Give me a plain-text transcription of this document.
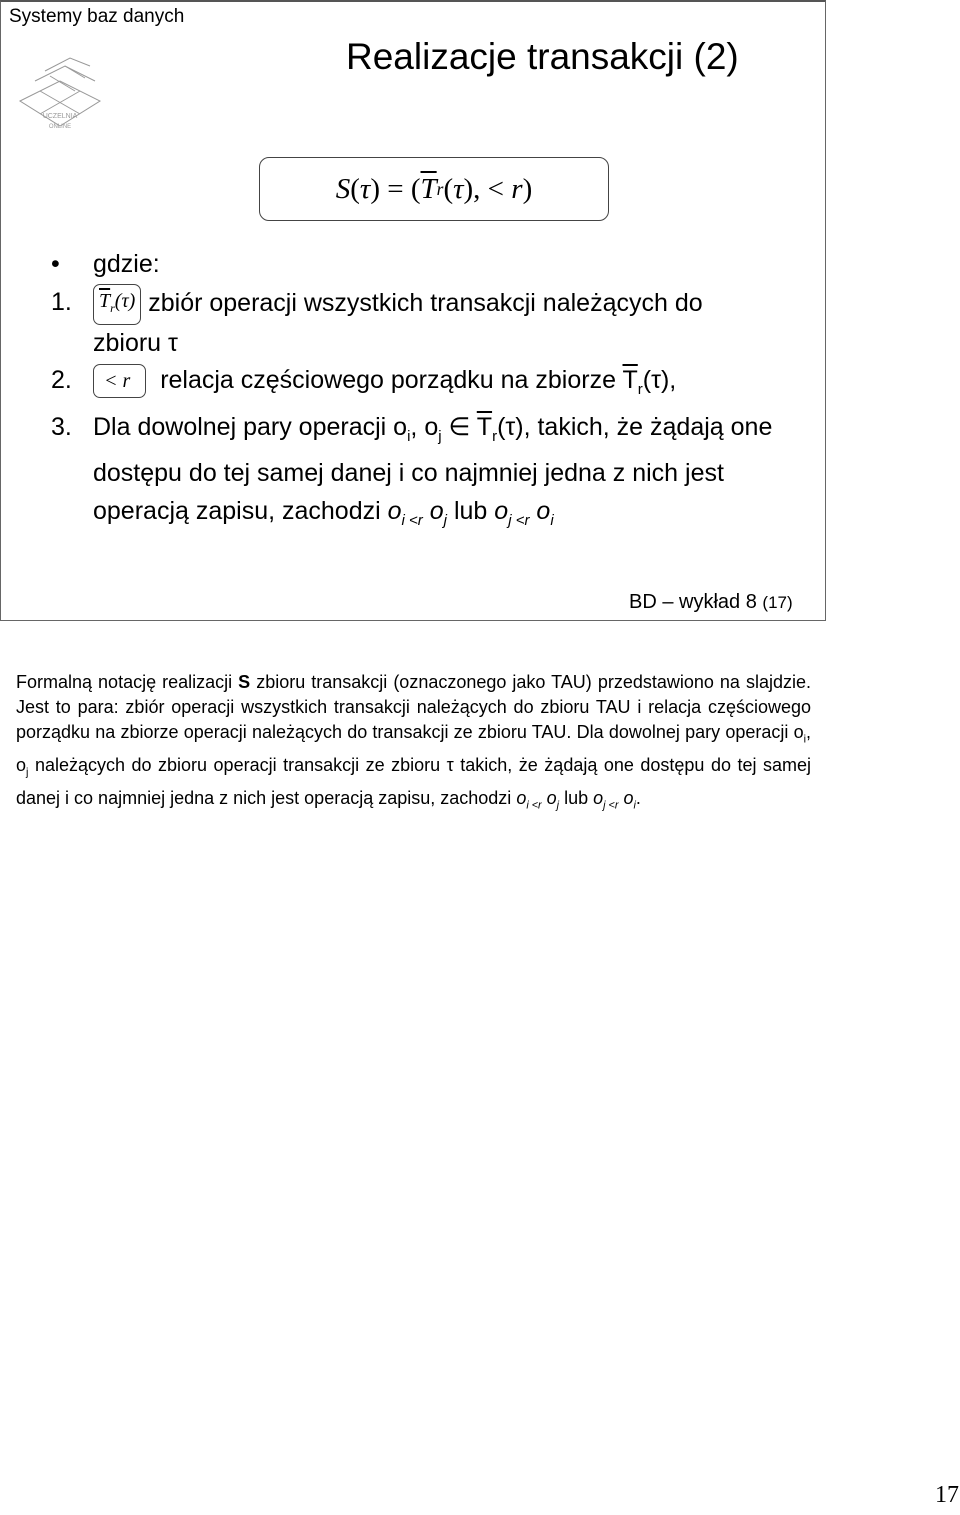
Systemy baz danych
UCZELNIA
ONLINE
Realizacje transakcji (2)
S ( τ ) = ( $\overline{T}$ r ( τ ), <
r )
•	gdzie:
1.	$\overline{T}_r(\tau)$ zbiór operacji wszystkich transakcji należących do
zbioru τ
2.	< r    relacja częściowego porządku na zbiorze $\overline{T}_r(\tau)$,
3. Dla dowolnej pary operacji $o_i$, $o_j$ ∈ $\overline{T}_r(\tau)$, takich, że żądają one dostępu do tej samej danej i co najmniej jedna z nich jest operacją zapisu, zachodzi $o_{i <r}$ $o_j$ lub $o_{j <r}$ $o_i$
BD – wykład 8 (17)
Formalną notację realizacji S zbioru transakcji (oznaczonego jako TAU) przedstawiono na slajdzie. Jest to para: zbiór operacji wszystkich transakcji należących do zbioru TAU i relacja częściowego porządku na zbiorze operacji należących do transakcji ze zbioru TAU. Dla dowolnej pary operacji $o_i$, $o_j$ należących do zbioru operacji transakcji ze zbioru τ takich, że żądają one dostępu do tej samej danej i co najmniej jedna z nich jest operacją zapisu, zachodzi $o_{i <r}$ $o_j$ lub $o_{j <r}$ $o_i$.
17
